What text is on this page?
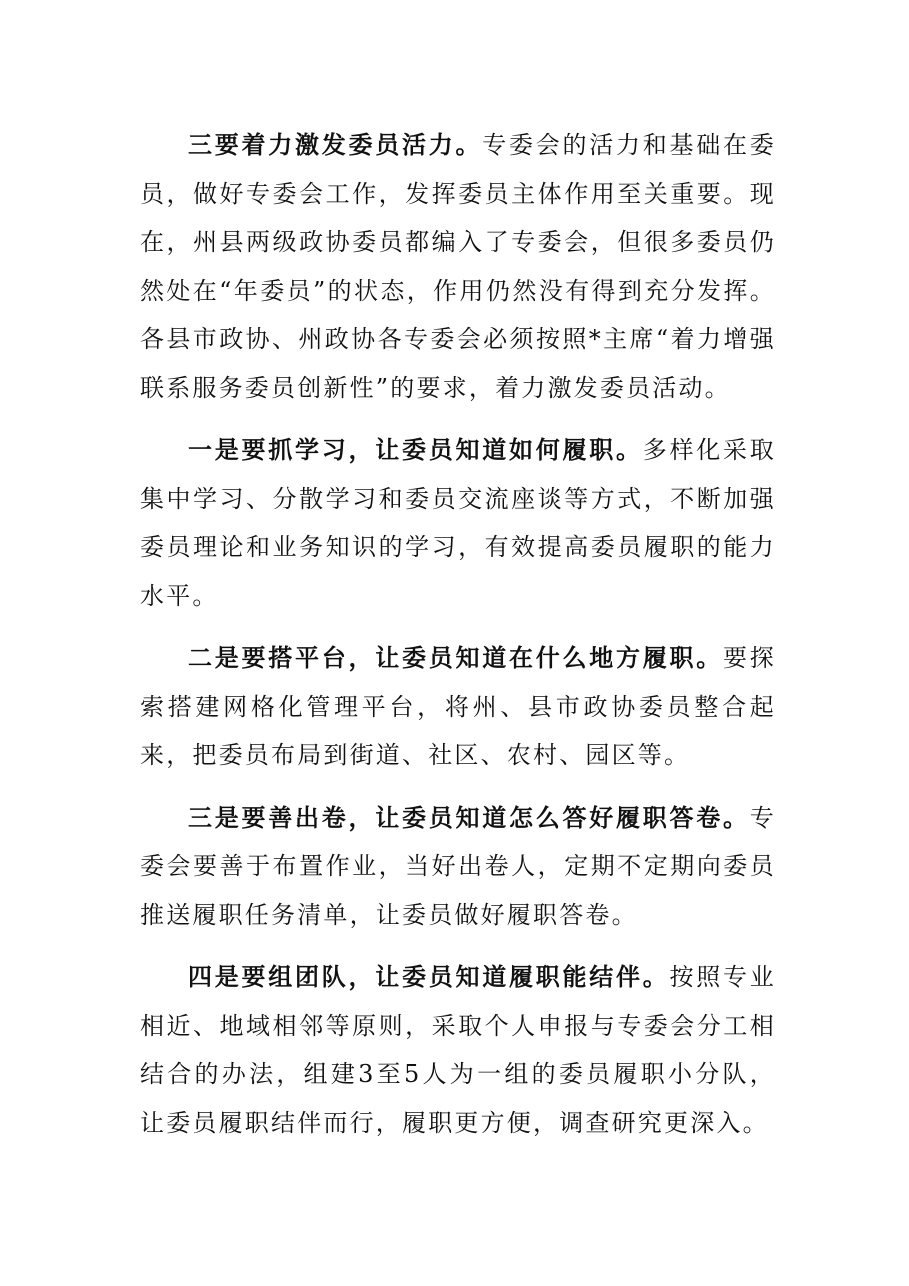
三要着力激发委员活力。专委会的活力和基础在委员，做好专委会工作，发挥委员主体作用至关重要。现在，州县两级政协委员都编入了专委会，但很多委员仍然处在“年委员”的状态，作用仍然没有得到充分发挥。各县市政协、州政协各专委会必须按照*主席“着力增强联系服务委员创新性”的要求，着力激发委员活动。

一是要抓学习，让委员知道如何履职。多样化采取集中学习、分散学习和委员交流座谈等方式，不断加强委员理论和业务知识的学习，有效提高委员履职的能力水平。

二是要搭平台，让委员知道在什么地方履职。要探索搭建网格化管理平台，将州、县市政协委员整合起来，把委员布局到街道、社区、农村、园区等。

三是要善出卷，让委员知道怎么答好履职答卷。专委会要善于布置作业，当好出卷人，定期不定期向委员推送履职任务清单，让委员做好履职答卷。

四是要组团队，让委员知道履职能结伴。按照专业相近、地域相邻等原则，采取个人申报与专委会分工相结合的办法，组建3至5人为一组的委员履职小分队，让委员履职结伴而行，履职更方便，调查研究更深入。
